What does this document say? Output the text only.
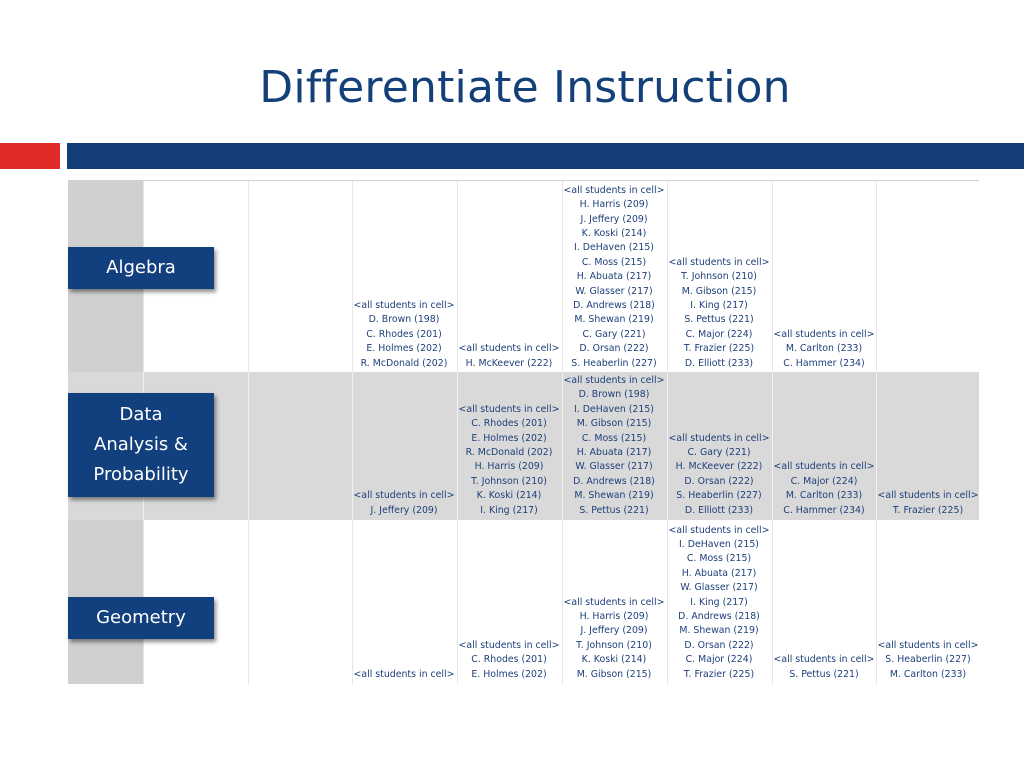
Differentiate Instruction
<all students in cell>
D. Brown (198)
C. Rhodes (201)
E. Holmes (202)
R. McDonald (202)
<all students in cell>
H. McKeever (222)
<all students in cell>
H. Harris (209)
J. Jeffery (209)
K. Koski (214)
I. DeHaven (215)
C. Moss (215)
H. Abuata (217)
W. Glasser (217)
D. Andrews (218)
M. Shewan (219)
C. Gary (221)
D. Orsan (222)
S. Heaberlin (227)
<all students in cell>
T. Johnson (210)
M. Gibson (215)
I. King (217)
S. Pettus (221)
C. Major (224)
T. Frazier (225)
D. Elliott (233)
<all students in cell>
M. Carlton (233)
C. Hammer (234)
<all students in cell>
J. Jeffery (209)
<all students in cell>
C. Rhodes (201)
E. Holmes (202)
R. McDonald (202)
H. Harris (209)
T. Johnson (210)
K. Koski (214)
I. King (217)
<all students in cell>
D. Brown (198)
I. DeHaven (215)
M. Gibson (215)
C. Moss (215)
H. Abuata (217)
W. Glasser (217)
D. Andrews (218)
M. Shewan (219)
S. Pettus (221)
<all students in cell>
C. Gary (221)
H. McKeever (222)
D. Orsan (222)
S. Heaberlin (227)
D. Elliott (233)
<all students in cell>
C. Major (224)
M. Carlton (233)
C. Hammer (234)
<all students in cell>
T. Frazier (225)
<all students in cell>
<all students in cell>
C. Rhodes (201)
E. Holmes (202)
<all students in cell>
H. Harris (209)
J. Jeffery (209)
T. Johnson (210)
K. Koski (214)
M. Gibson (215)
<all students in cell>
I. DeHaven (215)
C. Moss (215)
H. Abuata (217)
W. Glasser (217)
I. King (217)
D. Andrews (218)
M. Shewan (219)
D. Orsan (222)
C. Major (224)
T. Frazier (225)
<all students in cell>
S. Pettus (221)
<all students in cell>
S. Heaberlin (227)
M. Carlton (233)
Algebra
Data Analysis & Probability
Geometry
